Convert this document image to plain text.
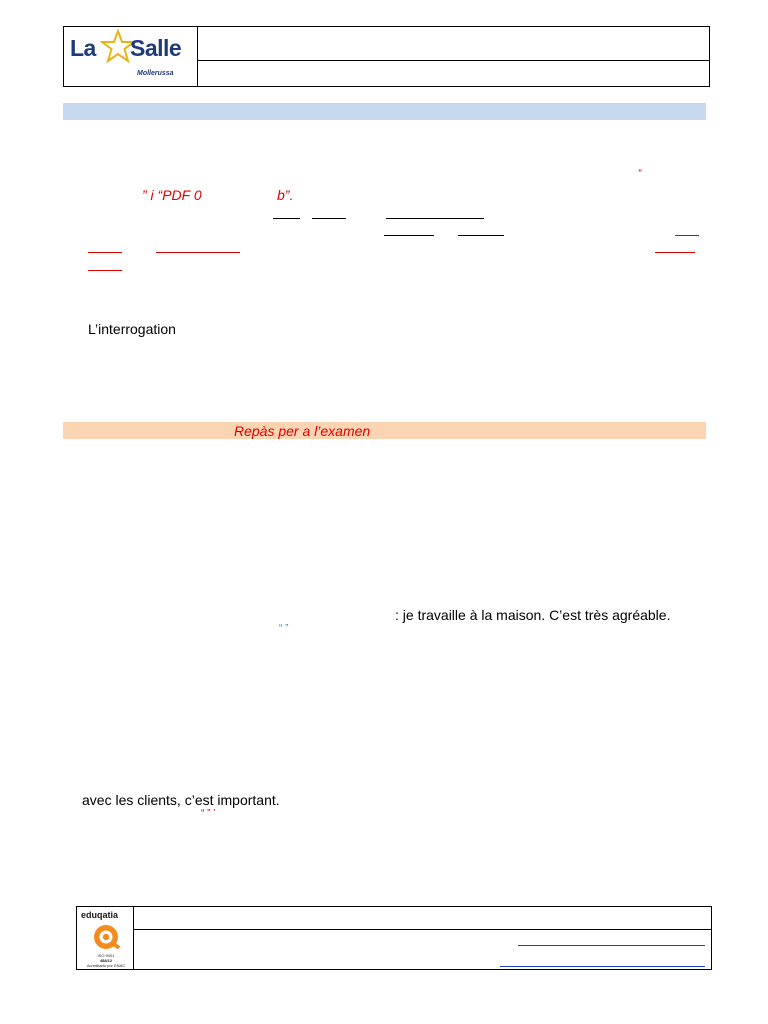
La Salle
Mollerussa
“
” i “PDF 0	b”.
L’interrogation
Repàs per a l’examen
: je travaille à la maison. C’est très agréable.
“ ”
avec les clients, c’est important.
“ ” ’
eduqatia
ISO 9001
488/12
Acreditado por ENAC
